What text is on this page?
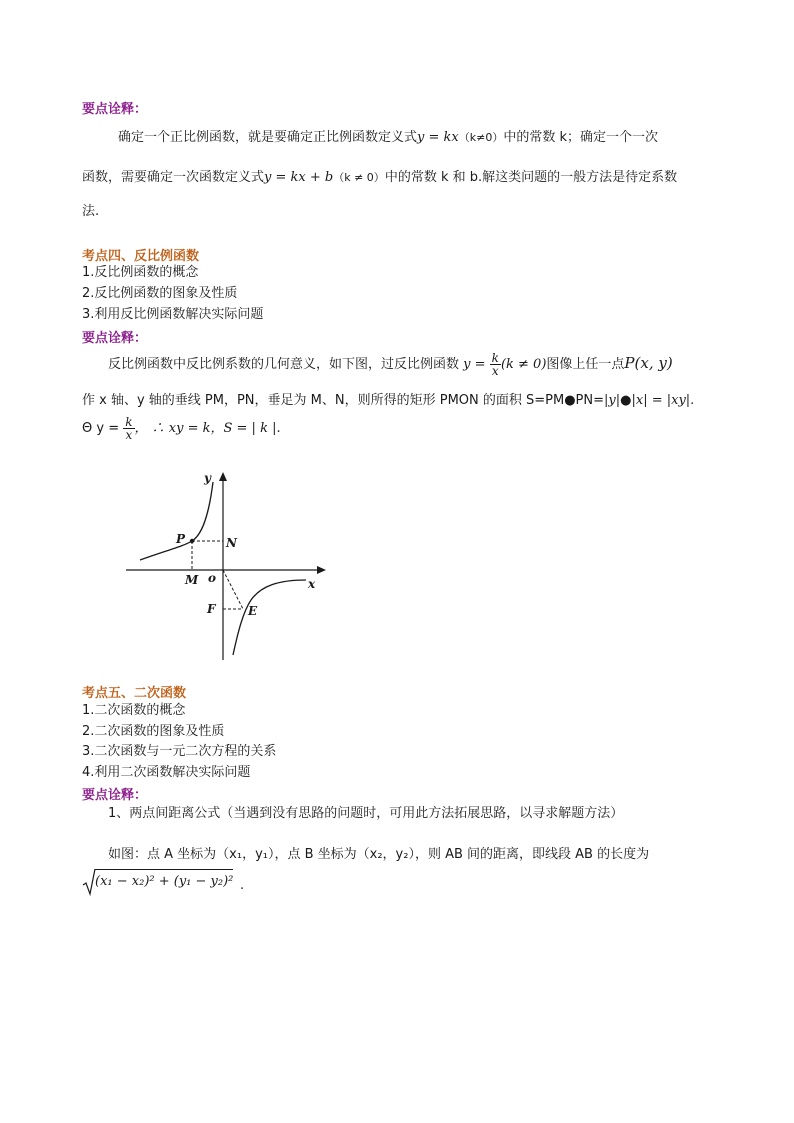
要点诠释：
确定一个正比例函数，就是要确定正比例函数定义式y = kx（k≠0）中的常数 k；确定一个一次
函数，需要确定一次函数定义式y = kx + b（k ≠ 0）中的常数 k 和 b.解这类问题的一般方法是待定系数
法.
考点四、反比例函数
1.反比例函数的概念
2.反比例函数的图象及性质
3.利用反比例函数解决实际问题
要点诠释：
反比例函数中反比例系数的几何意义，如下图，过反比例函数 $y = \frac{k}{x} (k \ne 0)$图像上任一点P(x, y)
作 x 轴、y 轴的垂线 PM，PN，垂足为 M、N，则所得的矩形 PMON 的面积 S=PM●PN=|y|●|x| = |xy|.
Θ $y = \frac{k}{x}$ ， ∴ xy = k，S = | k |.
y
x
o
P	N
M
F	E
考点五、二次函数
1.二次函数的概念
2.二次函数的图象及性质
3.二次函数与一元二次方程的关系
4.利用二次函数解决实际问题
要点诠释：
1、两点间距离公式（当遇到没有思路的问题时，可用此方法拓展思路，以寻求解题方法）
如图：点 A 坐标为（x₁，y₁），点 B 坐标为（x₂，y₂），则 AB 间的距离，即线段 AB 的长度为
(x₁ − x₂)² + (y₁ − y₂)² .
